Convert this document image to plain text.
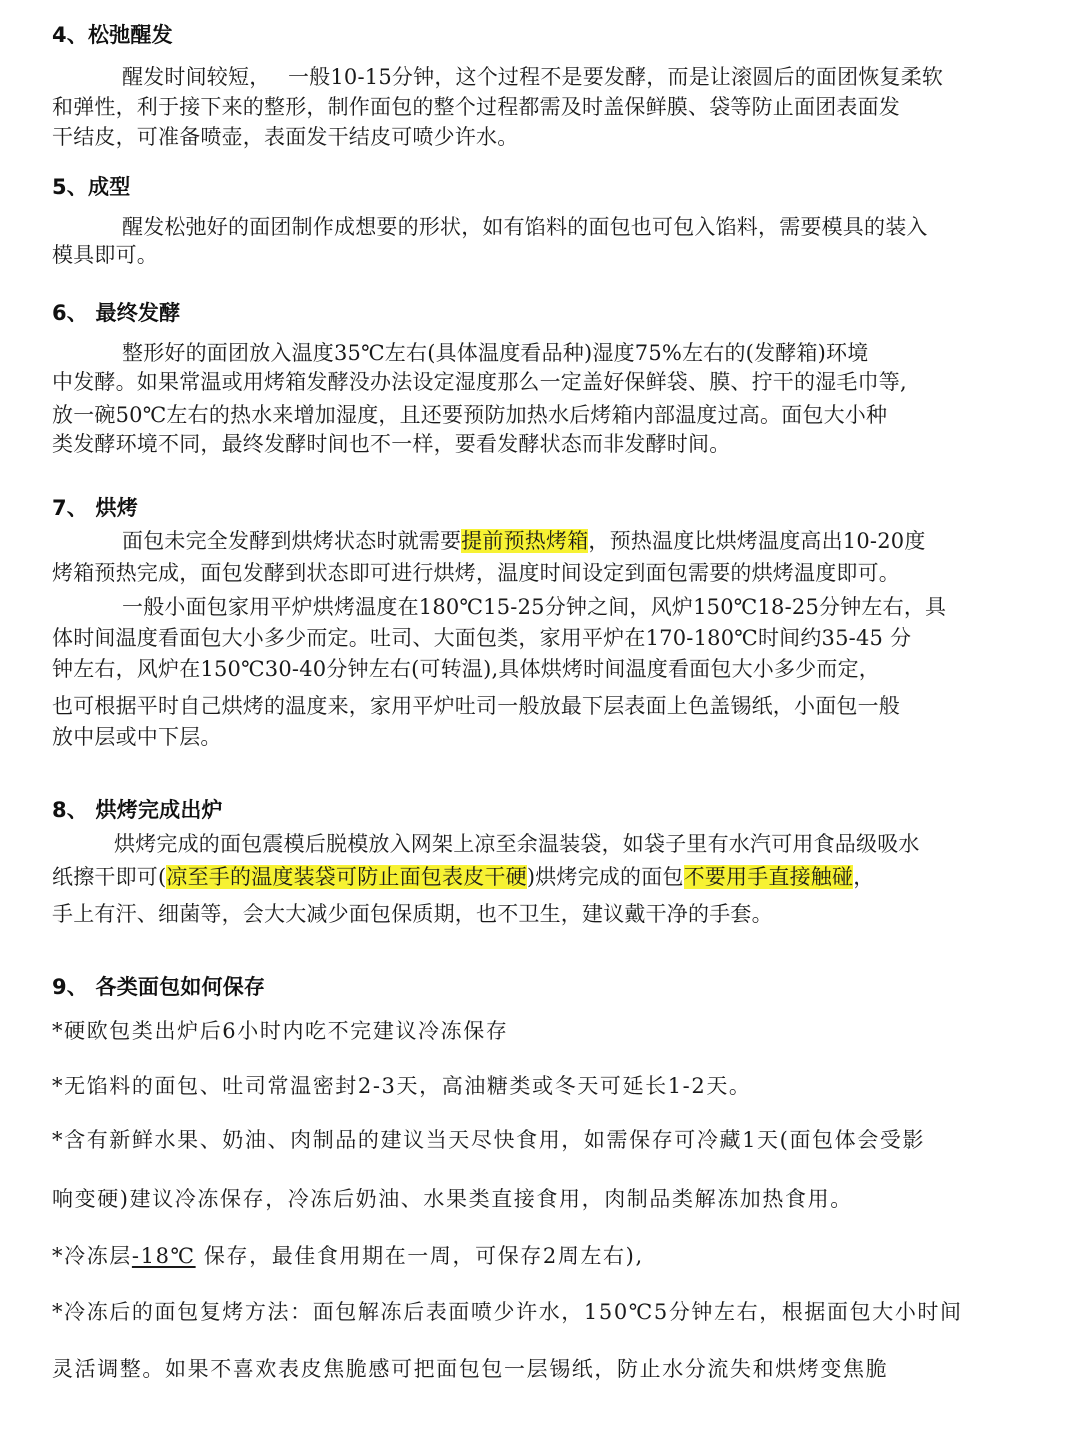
4、松弛醒发
醒发时间较短，　 一般10-15分钟，这个过程不是要发酵，而是让滚圆后的面团恢复柔软
和弹性，利于接下来的整形，制作面包的整个过程都需及时盖保鲜膜、袋等防止面团表面发
干结皮，可准备喷壶，表面发干结皮可喷少许水。
5、成型
醒发松弛好的面团制作成想要的形状，如有馅料的面包也可包入馅料，需要模具的装入
模具即可。
6、 最终发酵
整形好的面团放入温度35℃左右(具体温度看品种)湿度75%左右的(发酵箱)环境
中发酵。如果常温或用烤箱发酵没办法设定湿度那么一定盖好保鲜袋、膜、拧干的湿毛巾等,
放一碗50℃左右的热水来增加湿度，且还要预防加热水后烤箱内部温度过高。面包大小种
类发酵环境不同，最终发酵时间也不一样，要看发酵状态而非发酵时间。
7、 烘烤
面包未完全发酵到烘烤状态时就需要提前预热烤箱，预热温度比烘烤温度高出10-20度
烤箱预热完成，面包发酵到状态即可进行烘烤，温度时间设定到面包需要的烘烤温度即可。
一般小面包家用平炉烘烤温度在180℃15-25分钟之间，风炉150℃18-25分钟左右，具
体时间温度看面包大小多少而定。吐司、大面包类，家用平炉在170-180℃时间约35-45 分
钟左右，风炉在150℃30-40分钟左右(可转温),具体烘烤时间温度看面包大小多少而定，
也可根据平时自己烘烤的温度来，家用平炉吐司一般放最下层表面上色盖锡纸，小面包一般
放中层或中下层。
8、 烘烤完成出炉
烘烤完成的面包震模后脱模放入网架上凉至余温装袋，如袋子里有水汽可用食品级吸水
纸擦干即可(凉至手的温度装袋可防止面包表皮干硬)烘烤完成的面包不要用手直接触碰，
手上有汗、细菌等，会大大减少面包保质期，也不卫生，建议戴干净的手套。
9、 各类面包如何保存
*硬欧包类出炉后6小时内吃不完建议冷冻保存
*无馅料的面包、吐司常温密封2-3天，高油糖类或冬天可延长1-2天。
*含有新鲜水果、奶油、肉制品的建议当天尽快食用，如需保存可冷藏1天(面包体会受影
响变硬)建议冷冻保存，冷冻后奶油、水果类直接食用，肉制品类解冻加热食用。
*冷冻层-18℃ 保存，最佳食用期在一周，可保存2周左右),
*冷冻后的面包复烤方法：面包解冻后表面喷少许水，150℃5分钟左右，根据面包大小时间
灵活调整。如果不喜欢表皮焦脆感可把面包包一层锡纸，防止水分流失和烘烤变焦脆
